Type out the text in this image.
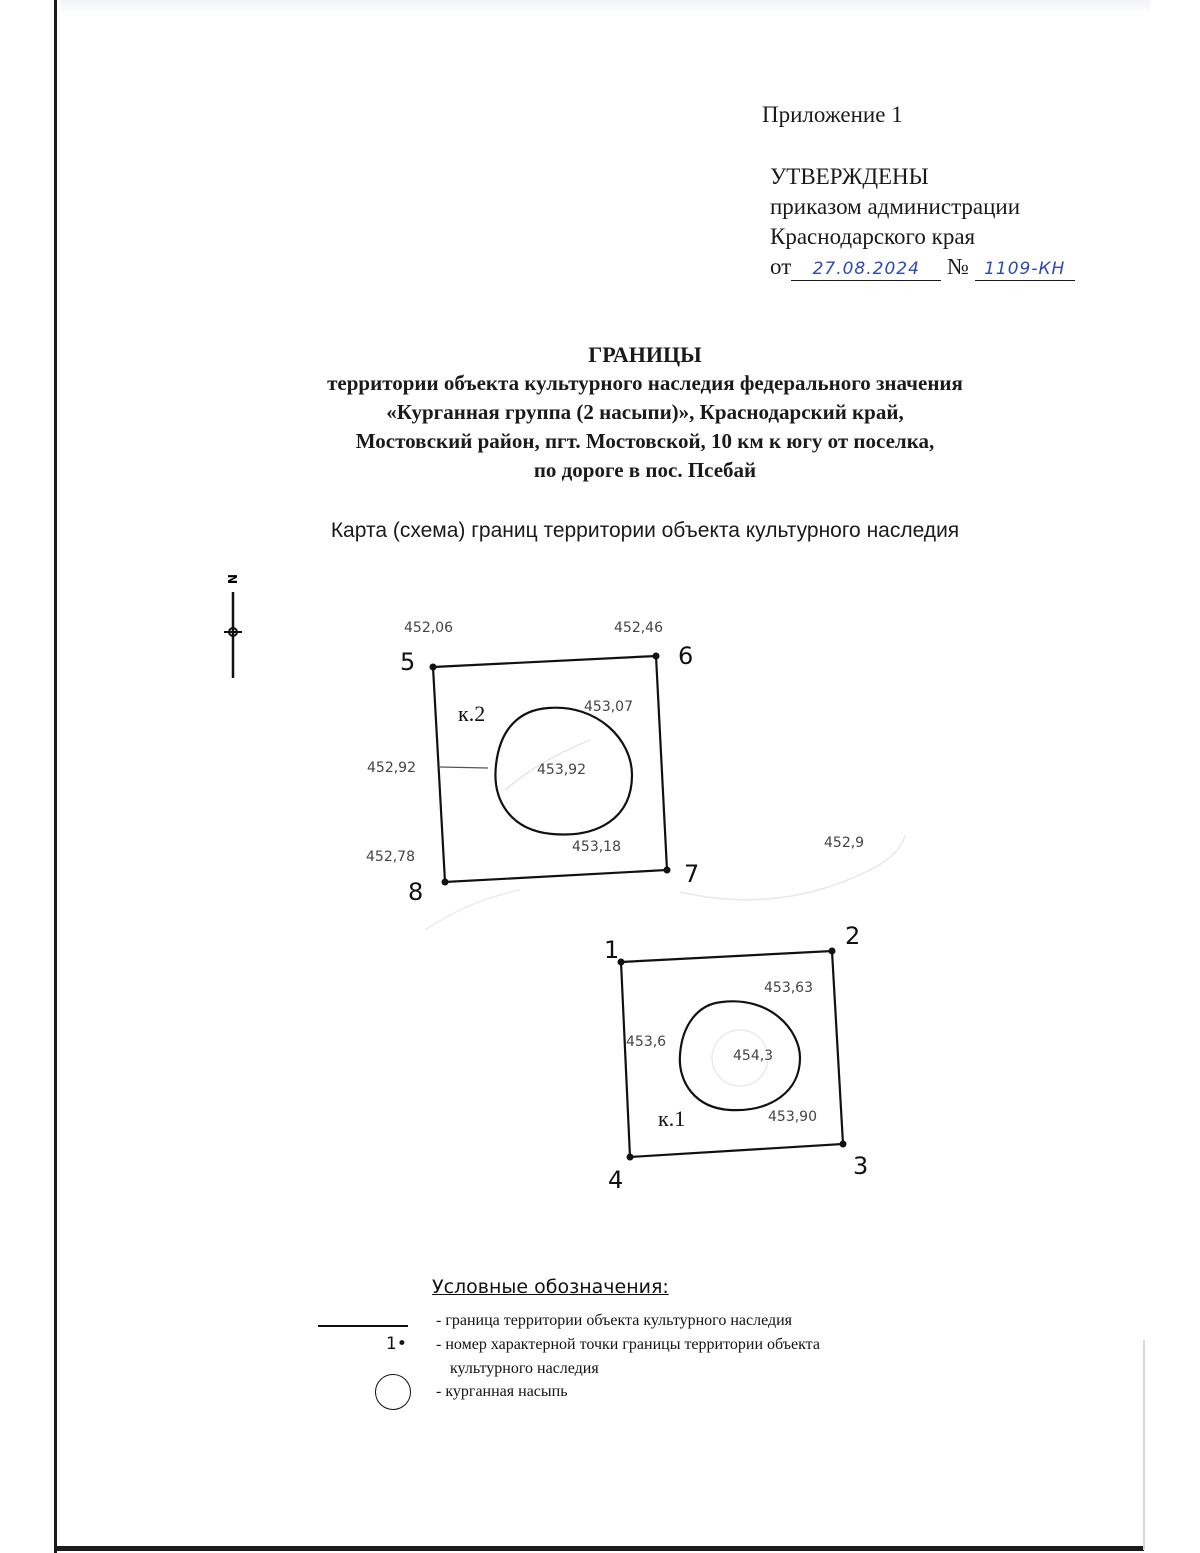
Приложение 1
УТВЕРЖДЕНЫ
приказом администрации
Краснодарского края
от 27.08.2024 № 1109-КН
ГРАНИЦЫ
территории объекта культурного наследия федерального значения
«Курганная группа (2 насыпи)», Краснодарский край,
Мостовский район, пгт. Мостовской, 10 км к югу от поселка,
по дороге в пос. Псебай
Карта (схема) границ территории объекта культурного наследия
N
5	6
7
8
к.2
452,06	452,46
453,07
452,92	453,92
452,78
453,18	452,9
1	2
3
4
к.1
453,63
453,6
454,3
453,90
Условные обозначения:
- граница территории объекта культурного наследия
1• - номер характерной точки границы территории объекта
культурного наследия
- курганная насыпь
